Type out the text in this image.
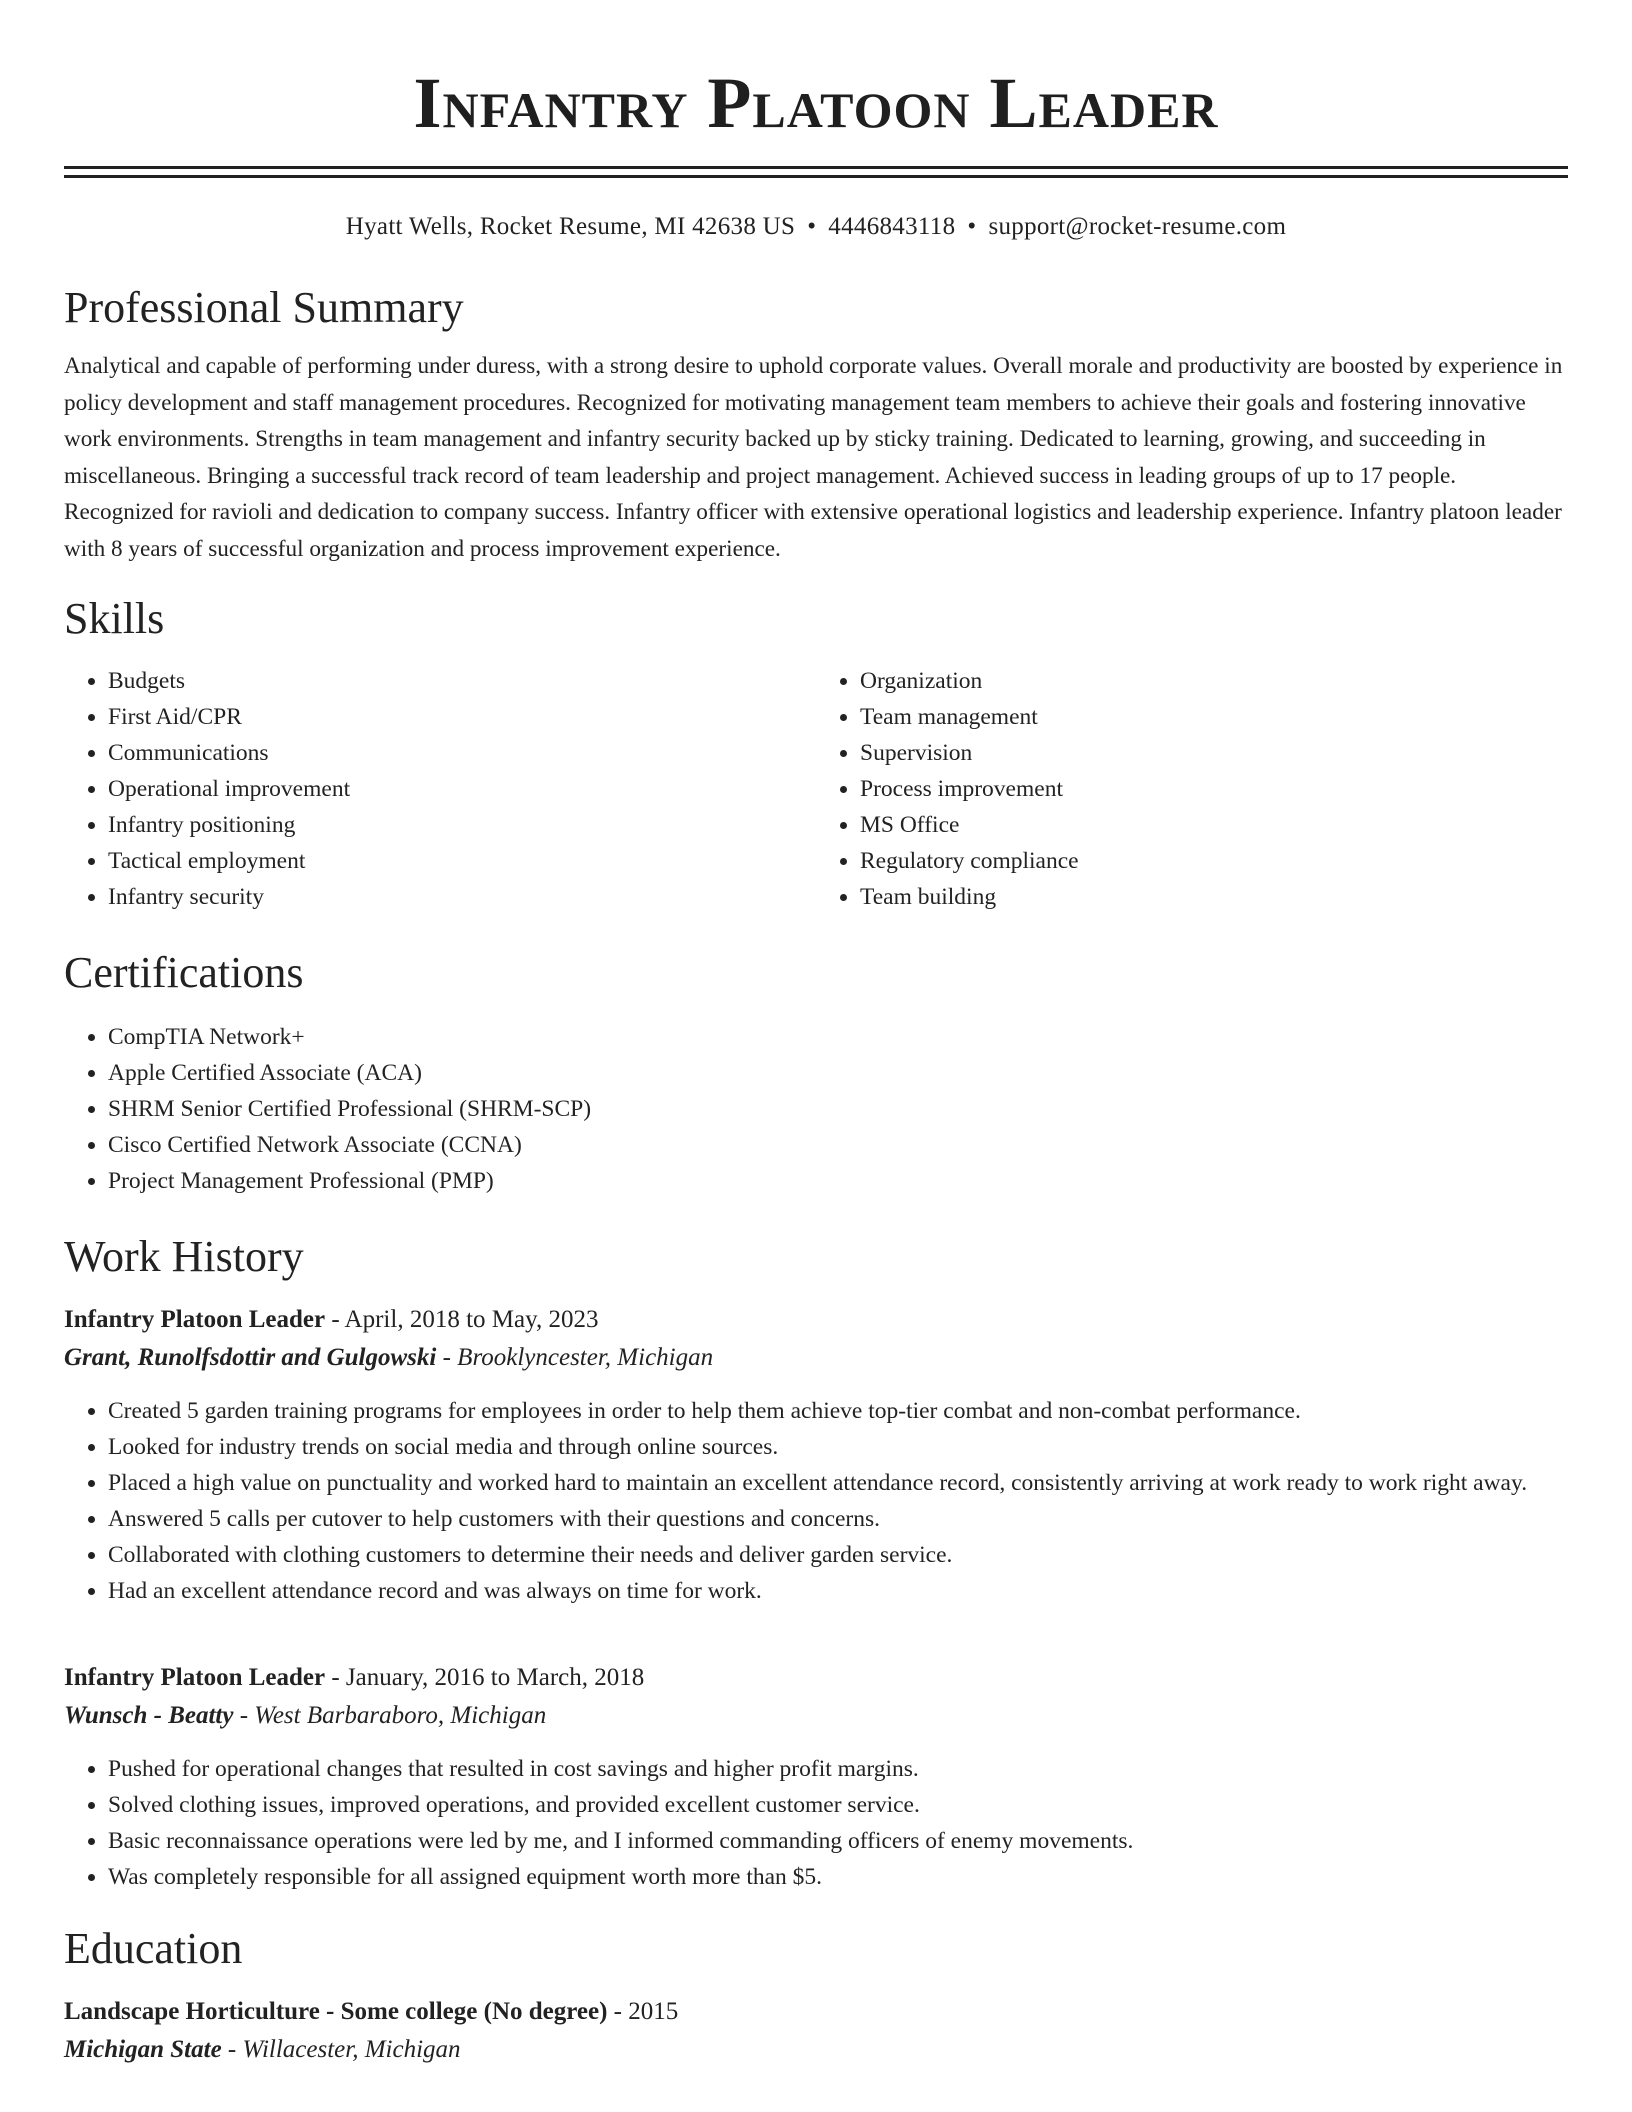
Infantry Platoon Leader
Hyatt Wells, Rocket Resume, MI 42638 US • 4446843118 • support@rocket-resume.com
Professional Summary

Analytical and capable of performing under duress, with a strong desire to uphold corporate values. Overall morale and productivity are boosted by experience in policy development and staff management procedures. Recognized for motivating management team members to achieve their goals and fostering innovative work environments. Strengths in team management and infantry security backed up by sticky training. Dedicated to learning, growing, and succeeding in miscellaneous. Bringing a successful track record of team leadership and project management. Achieved success in leading groups of up to 17 people. Recognized for ravioli and dedication to company success. Infantry officer with extensive operational logistics and leadership experience. Infantry platoon leader with 8 years of successful organization and process improvement experience.

Skills
• Budgets
• First Aid/CPR
• Communications
• Operational improvement
• Infantry positioning
• Tactical employment
• Infantry security
• Organization
• Team management
• Supervision
• Process improvement
• MS Office
• Regulatory compliance
• Team building
Certifications
• CompTIA Network+
• Apple Certified Associate (ACA)
• SHRM Senior Certified Professional (SHRM-SCP)
• Cisco Certified Network Associate (CCNA)
• Project Management Professional (PMP)
Work History
Infantry Platoon Leader - April, 2018 to May, 2023
Grant, Runolfsdottir and Gulgowski - Brooklyncester, Michigan
• Created 5 garden training programs for employees in order to help them achieve top-tier combat and non-combat performance.
• Looked for industry trends on social media and through online sources.
• Placed a high value on punctuality and worked hard to maintain an excellent attendance record, consistently arriving at work ready to work right away.
• Answered 5 calls per cutover to help customers with their questions and concerns.
• Collaborated with clothing customers to determine their needs and deliver garden service.
• Had an excellent attendance record and was always on time for work.
Infantry Platoon Leader - January, 2016 to March, 2018
Wunsch - Beatty - West Barbaraboro, Michigan
• Pushed for operational changes that resulted in cost savings and higher profit margins.
• Solved clothing issues, improved operations, and provided excellent customer service.
• Basic reconnaissance operations were led by me, and I informed commanding officers of enemy movements.
• Was completely responsible for all assigned equipment worth more than $5.
Education
Landscape Horticulture - Some college (No degree) - 2015
Michigan State - Willacester, Michigan
